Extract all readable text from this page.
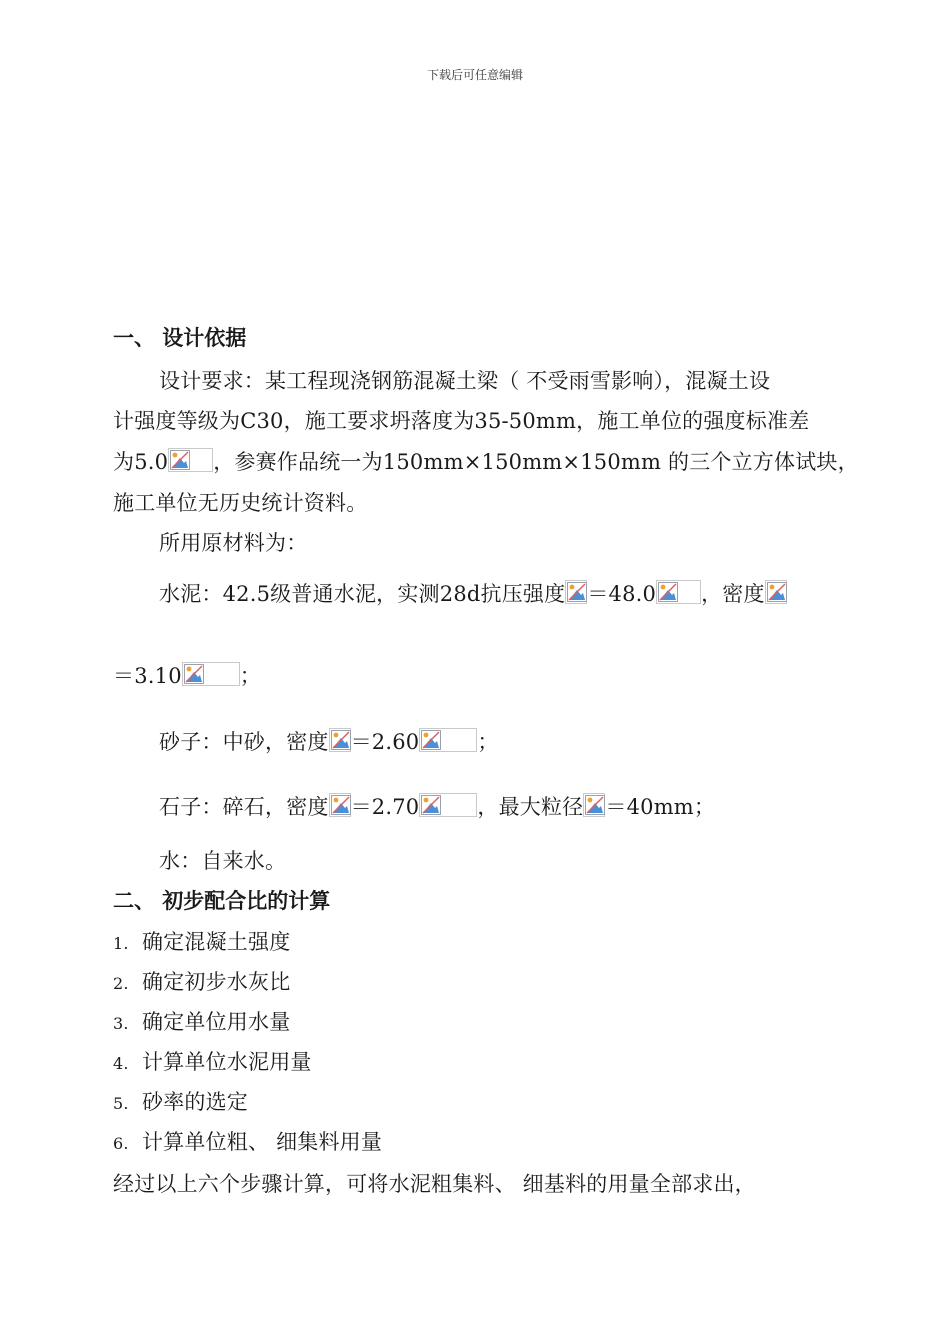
下载后可任意编辑
一、 设计依据
设计要求：某工程现浇钢筋混凝土梁（ 不受雨雪影响），混凝土设
计强度等级为C30，施工要求坍落度为35-50mm，施工单位的强度标准差
为5.0 ，参赛作品统一为150mm×150mm×150mm 的三个立方体试块，
施工单位无历史统计资料。
所用原材料为：
水泥：42.5级普通水泥，实测28d抗压强度 ＝48.0 ，密度
＝3.10	；
砂子：中砂，密度 ＝2.60	；
石子：碎石，密度 ＝2.70	，最大粒径 ＝40mm；
水：自来水。
二、 初步配合比的计算
1. 确定混凝土强度
2. 确定初步水灰比
3. 确定单位用水量
4. 计算单位水泥用量
5. 砂率的选定
6. 计算单位粗、 细集料用量
经过以上六个步骤计算，可将水泥粗集料、 细基料的用量全部求出，
